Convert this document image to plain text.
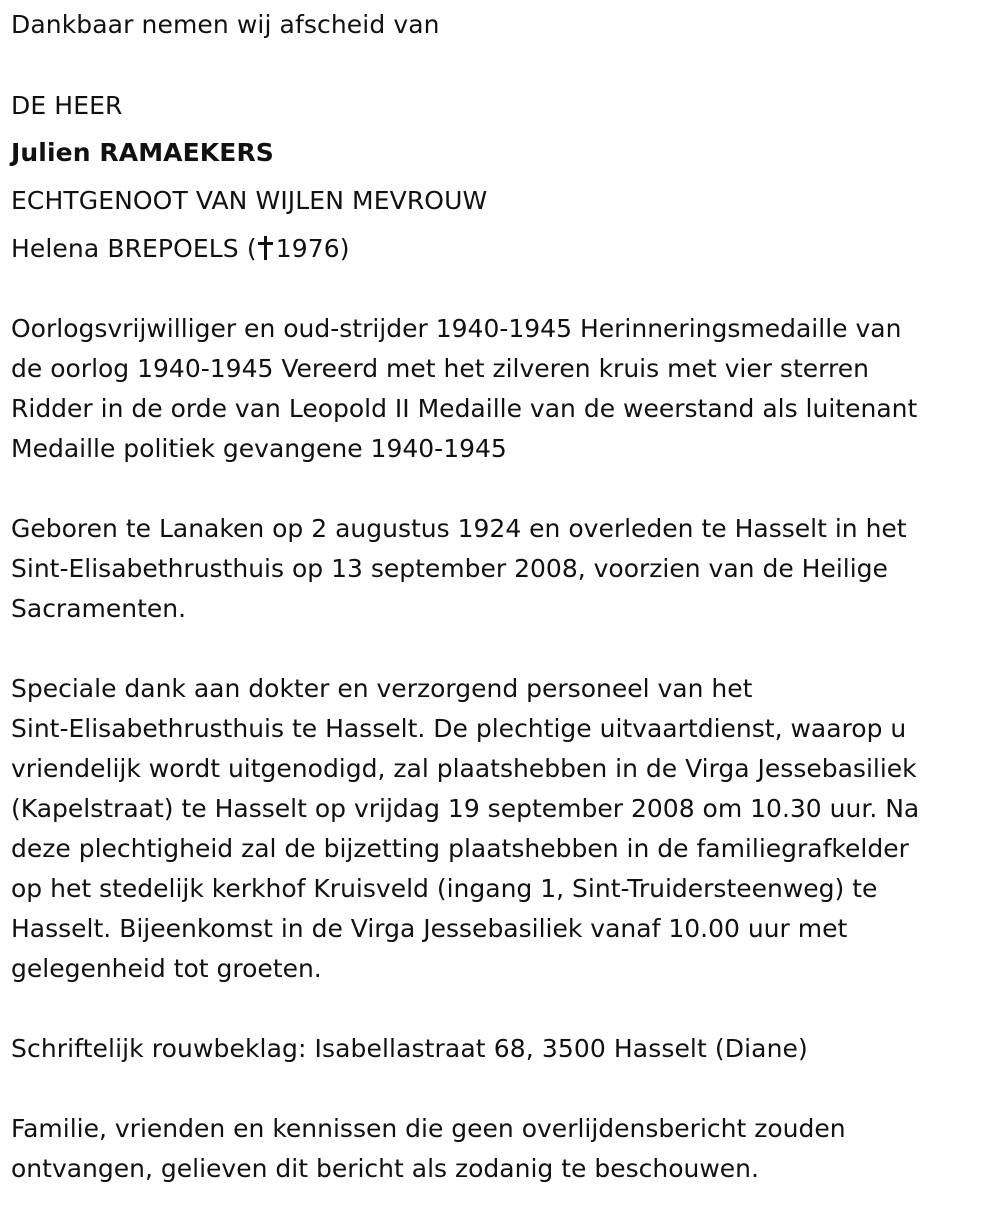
Dankbaar nemen wij afscheid van
DE HEER
Julien RAMAEKERS
ECHTGENOOT VAN WIJLEN MEVROUW
Helena BREPOELS ( 1976)
Oorlogsvrijwilliger en oud-strijder 1940-1945 Herinneringsmedaille van
de oorlog 1940-1945 Vereerd met het zilveren kruis met vier sterren
Ridder in de orde van Leopold II Medaille van de weerstand als luitenant
Medaille politiek gevangene 1940-1945
Geboren te Lanaken op 2 augustus 1924 en overleden te Hasselt in het
Sint-Elisabethrusthuis op 13 september 2008, voorzien van de Heilige
Sacramenten.
Speciale dank aan dokter en verzorgend personeel van het
Sint-Elisabethrusthuis te Hasselt. De plechtige uitvaartdienst, waarop u
vriendelijk wordt uitgenodigd, zal plaatshebben in de Virga Jessebasiliek
(Kapelstraat) te Hasselt op vrijdag 19 september 2008 om 10.30 uur. Na
deze plechtigheid zal de bijzetting plaatshebben in de familiegrafkelder
op het stedelijk kerkhof Kruisveld (ingang 1, Sint-Truidersteenweg) te
Hasselt. Bijeenkomst in de Virga Jessebasiliek vanaf 10.00 uur met
gelegenheid tot groeten.
Schriftelijk rouwbeklag: Isabellastraat 68, 3500 Hasselt (Diane)
Familie, vrienden en kennissen die geen overlijdensbericht zouden
ontvangen, gelieven dit bericht als zodanig te beschouwen.
